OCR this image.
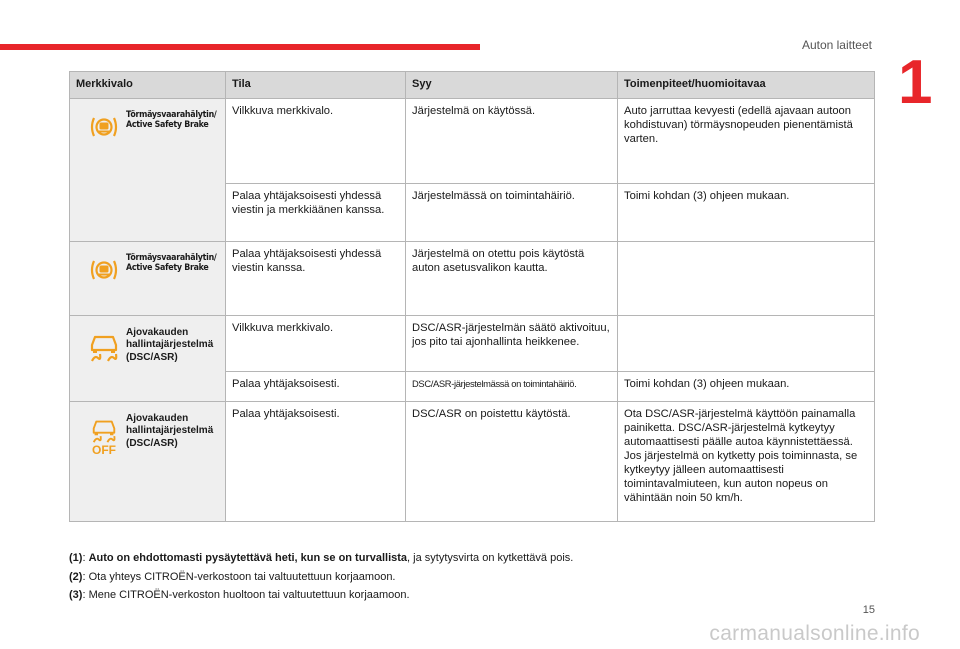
Auton laitteet
1
Merkkivalo	Tila	Syy	Toimenpiteet/huomioitavaa

Törmäysvaarahälytin/ Active Safety Brake	Vilkkuva merkkivalo.	Järjestelmä on käytössä.	Auto jarruttaa kevyesti (edellä ajavaan autoon kohdistuvan) törmäysnopeuden pienentämistä varten.
	Palaa yhtäjaksoisesti yhdessä viestin ja merkkiäänen kanssa.	Järjestelmässä on toimintahäiriö.	Toimi kohdan (3) ohjeen mukaan.

Törmäysvaarahälytin/ Active Safety Brake	Palaa yhtäjaksoisesti yhdessä viestin kanssa.	Järjestelmä on otettu pois käytöstä auton asetusvalikon kautta.	

Ajovakauden hallintajärjestelmä (DSC/ASR)	Vilkkuva merkkivalo.	DSC/ASR-järjestelmän säätö aktivoituu, jos pito tai ajonhallinta heikkenee.	
	Palaa yhtäjaksoisesti.	DSC/ASR-järjestelmässä on toimintahäiriö.	Toimi kohdan (3) ohjeen mukaan.

OFF
Ajovakauden hallintajärjestelmä (DSC/ASR)	Palaa yhtäjaksoisesti.	DSC/ASR on poistettu käytöstä.	Ota DSC/ASR-järjestelmä käyttöön painamalla painiketta. DSC/ASR-järjestelmä kytkeytyy automaattisesti päälle autoa käynnistettäessä. Jos järjestelmä on kytketty pois toiminnasta, se kytkeytyy jälleen automaattisesti toimintavalmiuteen, kun auton nopeus on vähintään noin 50 km/h.
(1): Auto on ehdottomasti pysäytettävä heti, kun se on turvallista, ja sytytysvirta on kytkettävä pois.
(2): Ota yhteys CITROËN-verkostoon tai valtuutettuun korjaamoon.
(3): Mene CITROËN-verkoston huoltoon tai valtuutettuun korjaamoon.
15
carmanualsonline.info
